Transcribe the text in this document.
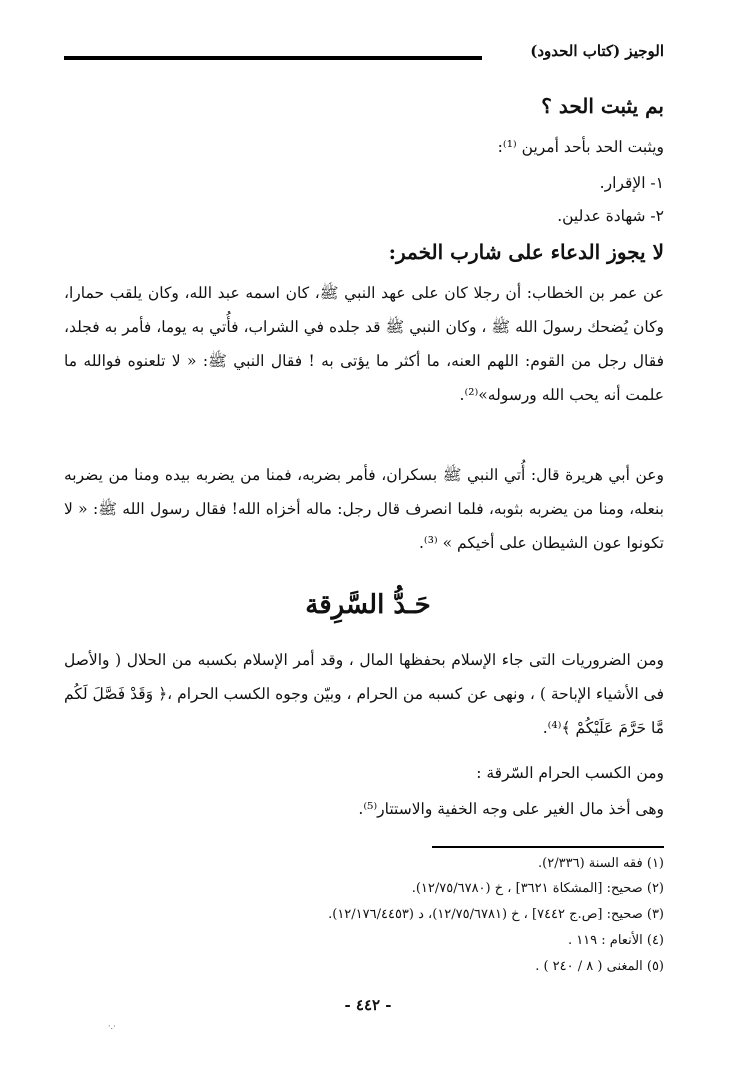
الوجيز (كتاب الحدود)
بم يثبت الحد ؟
ويثبت الحد بأحد أمرين ⁽¹⁾:
١- الإقرار.
٢- شهادة عدلين.
لا يجوز الدعاء على شارب الخمر:
عن عمر بن الخطاب: أن رجلا كان على عهد النبي ﷺ، كان اسمه عبد الله، وكان يلقب حمارا، وكان يُضحك رسولَ الله ﷺ ، وكان النبي ﷺ قد جلده في الشراب، فأُتي به يوما، فأمر به فجلد، فقال رجل من القوم: اللهم العنه، ما أكثر ما يؤتى به ! فقال النبي ﷺ: « لا تلعنوه فوالله ما علمت أنه يحب الله ورسوله»⁽²⁾.
وعن أبي هريرة قال: أُتي النبي ﷺ بسكران، فأمر بضربه، فمنا من يضربه بيده ومنا من يضربه بنعله، ومنا من يضربه بثوبه، فلما انصرف قال رجل: ماله أخزاه الله! فقال رسول الله ﷺ: « لا تكونوا عون الشيطان على أخيكم » ⁽³⁾.
حَـدُّ السَّرِقة
ومن الضروريات التى جاء الإسلام بحفظها المال ، وقد أمر الإسلام بكسبه من الحلال ( والأصل فى الأشياء الإباحة ) ، ونهى عن كسبه من الحرام ، وبيّن وجوه الكسب الحرام ،﴿ وَقَدْ فَصَّلَ لَكُم مَّا حَرَّمَ عَلَيْكُمْ ﴾⁽⁴⁾.
ومن الكسب الحرام السّرقة :
وهى أخذ مال الغير على وجه الخفية والاستتار⁽⁵⁾.
(١) فقه السنة (٢/٣٣٦).
(٢) صحيح: [المشكاة ٣٦٢١] ، خ (١٢/٧٥/٦٧٨٠).
(٣) صحيح: [ص.ج ٧٤٤٢] ، خ (١٢/٧٥/٦٧٨١)، د (١٢/١٧٦/٤٤٥٣).
(٤) الأنعام : ١١٩ .
(٥) المغنى ( ٨ / ٢٤٠ ) .
- ٤٤٢ -
·.·
